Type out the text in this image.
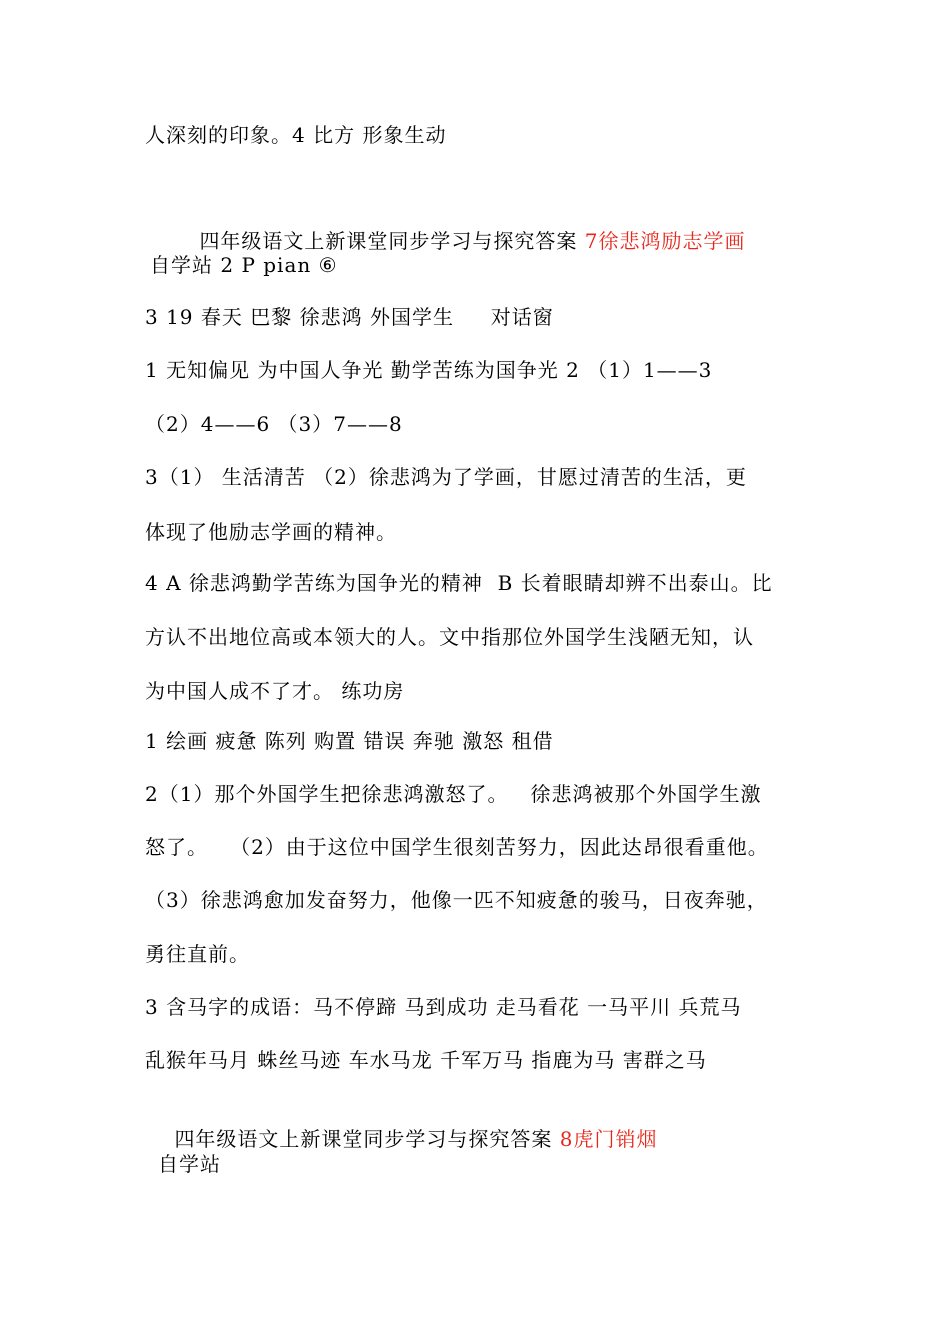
人深刻的印象。4 比方 形象生动

四年级语文上新课堂同步学习与探究答案 7徐悲鸿励志学画

自学站 2 P pian ⑥
3 19 春天 巴黎 徐悲鸿 外国学生     对话窗
1 无知偏见 为中国人争光 勤学苦练为国争光 2 （1）1——3
（2）4——6 （3）7——8
3（1） 生活清苦 （2）徐悲鸿为了学画，甘愿过清苦的生活，更
体现了他励志学画的精神。
4 A 徐悲鸿勤学苦练为国争光的精神  B 长着眼睛却辨不出泰山。比
方认不出地位高或本领大的人。文中指那位外国学生浅陋无知，认
为中国人成不了才。 练功房
1 绘画 疲惫 陈列 购置 错误 奔驰 激怒 租借
2（1）那个外国学生把徐悲鸿激怒了。   徐悲鸿被那个外国学生激
怒了。   （2）由于这位中国学生很刻苦努力，因此达昂很看重他。
（3）徐悲鸿愈加发奋努力，他像一匹不知疲惫的骏马，日夜奔驰，
勇往直前。
3 含马字的成语：马不停蹄 马到成功 走马看花 一马平川 兵荒马
乱猴年马月 蛛丝马迹 车水马龙 千军万马 指鹿为马 害群之马

四年级语文上新课堂同步学习与探究答案 8虎门销烟

自学站
